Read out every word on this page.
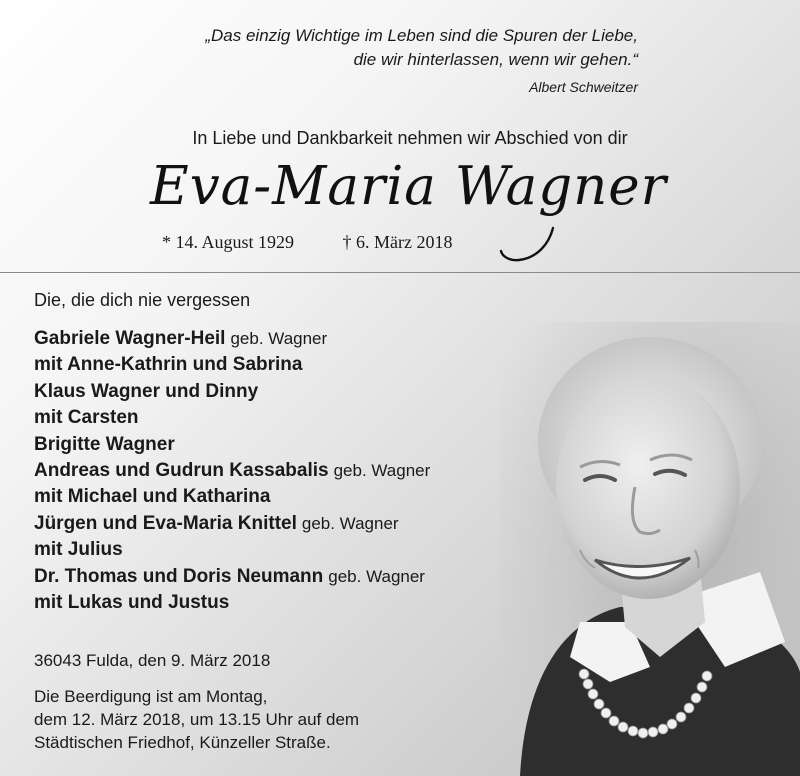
„Das einzig Wichtige im Leben sind die Spuren der Liebe,
die wir hinterlassen, wenn wir gehen.“
Albert Schweitzer
In Liebe und Dankbarkeit nehmen wir Abschied von dir
Eva-Maria Wagner
* 14. August 1929	† 6. März 2018
Die, die dich nie vergessen
Gabriele Wagner-Heil geb. Wagner
mit Anne-Kathrin und Sabrina
Klaus Wagner und Dinny
mit Carsten
Brigitte Wagner
Andreas und Gudrun Kassabalis geb. Wagner
mit Michael und Katharina
Jürgen und Eva-Maria Knittel geb. Wagner
mit Julius
Dr. Thomas und Doris Neumann geb. Wagner
mit Lukas und Justus
36043 Fulda, den 9. März 2018
Die Beerdigung ist am Montag,
dem 12. März 2018, um 13.15 Uhr auf dem
Städtischen Friedhof, Künzeller Straße.
